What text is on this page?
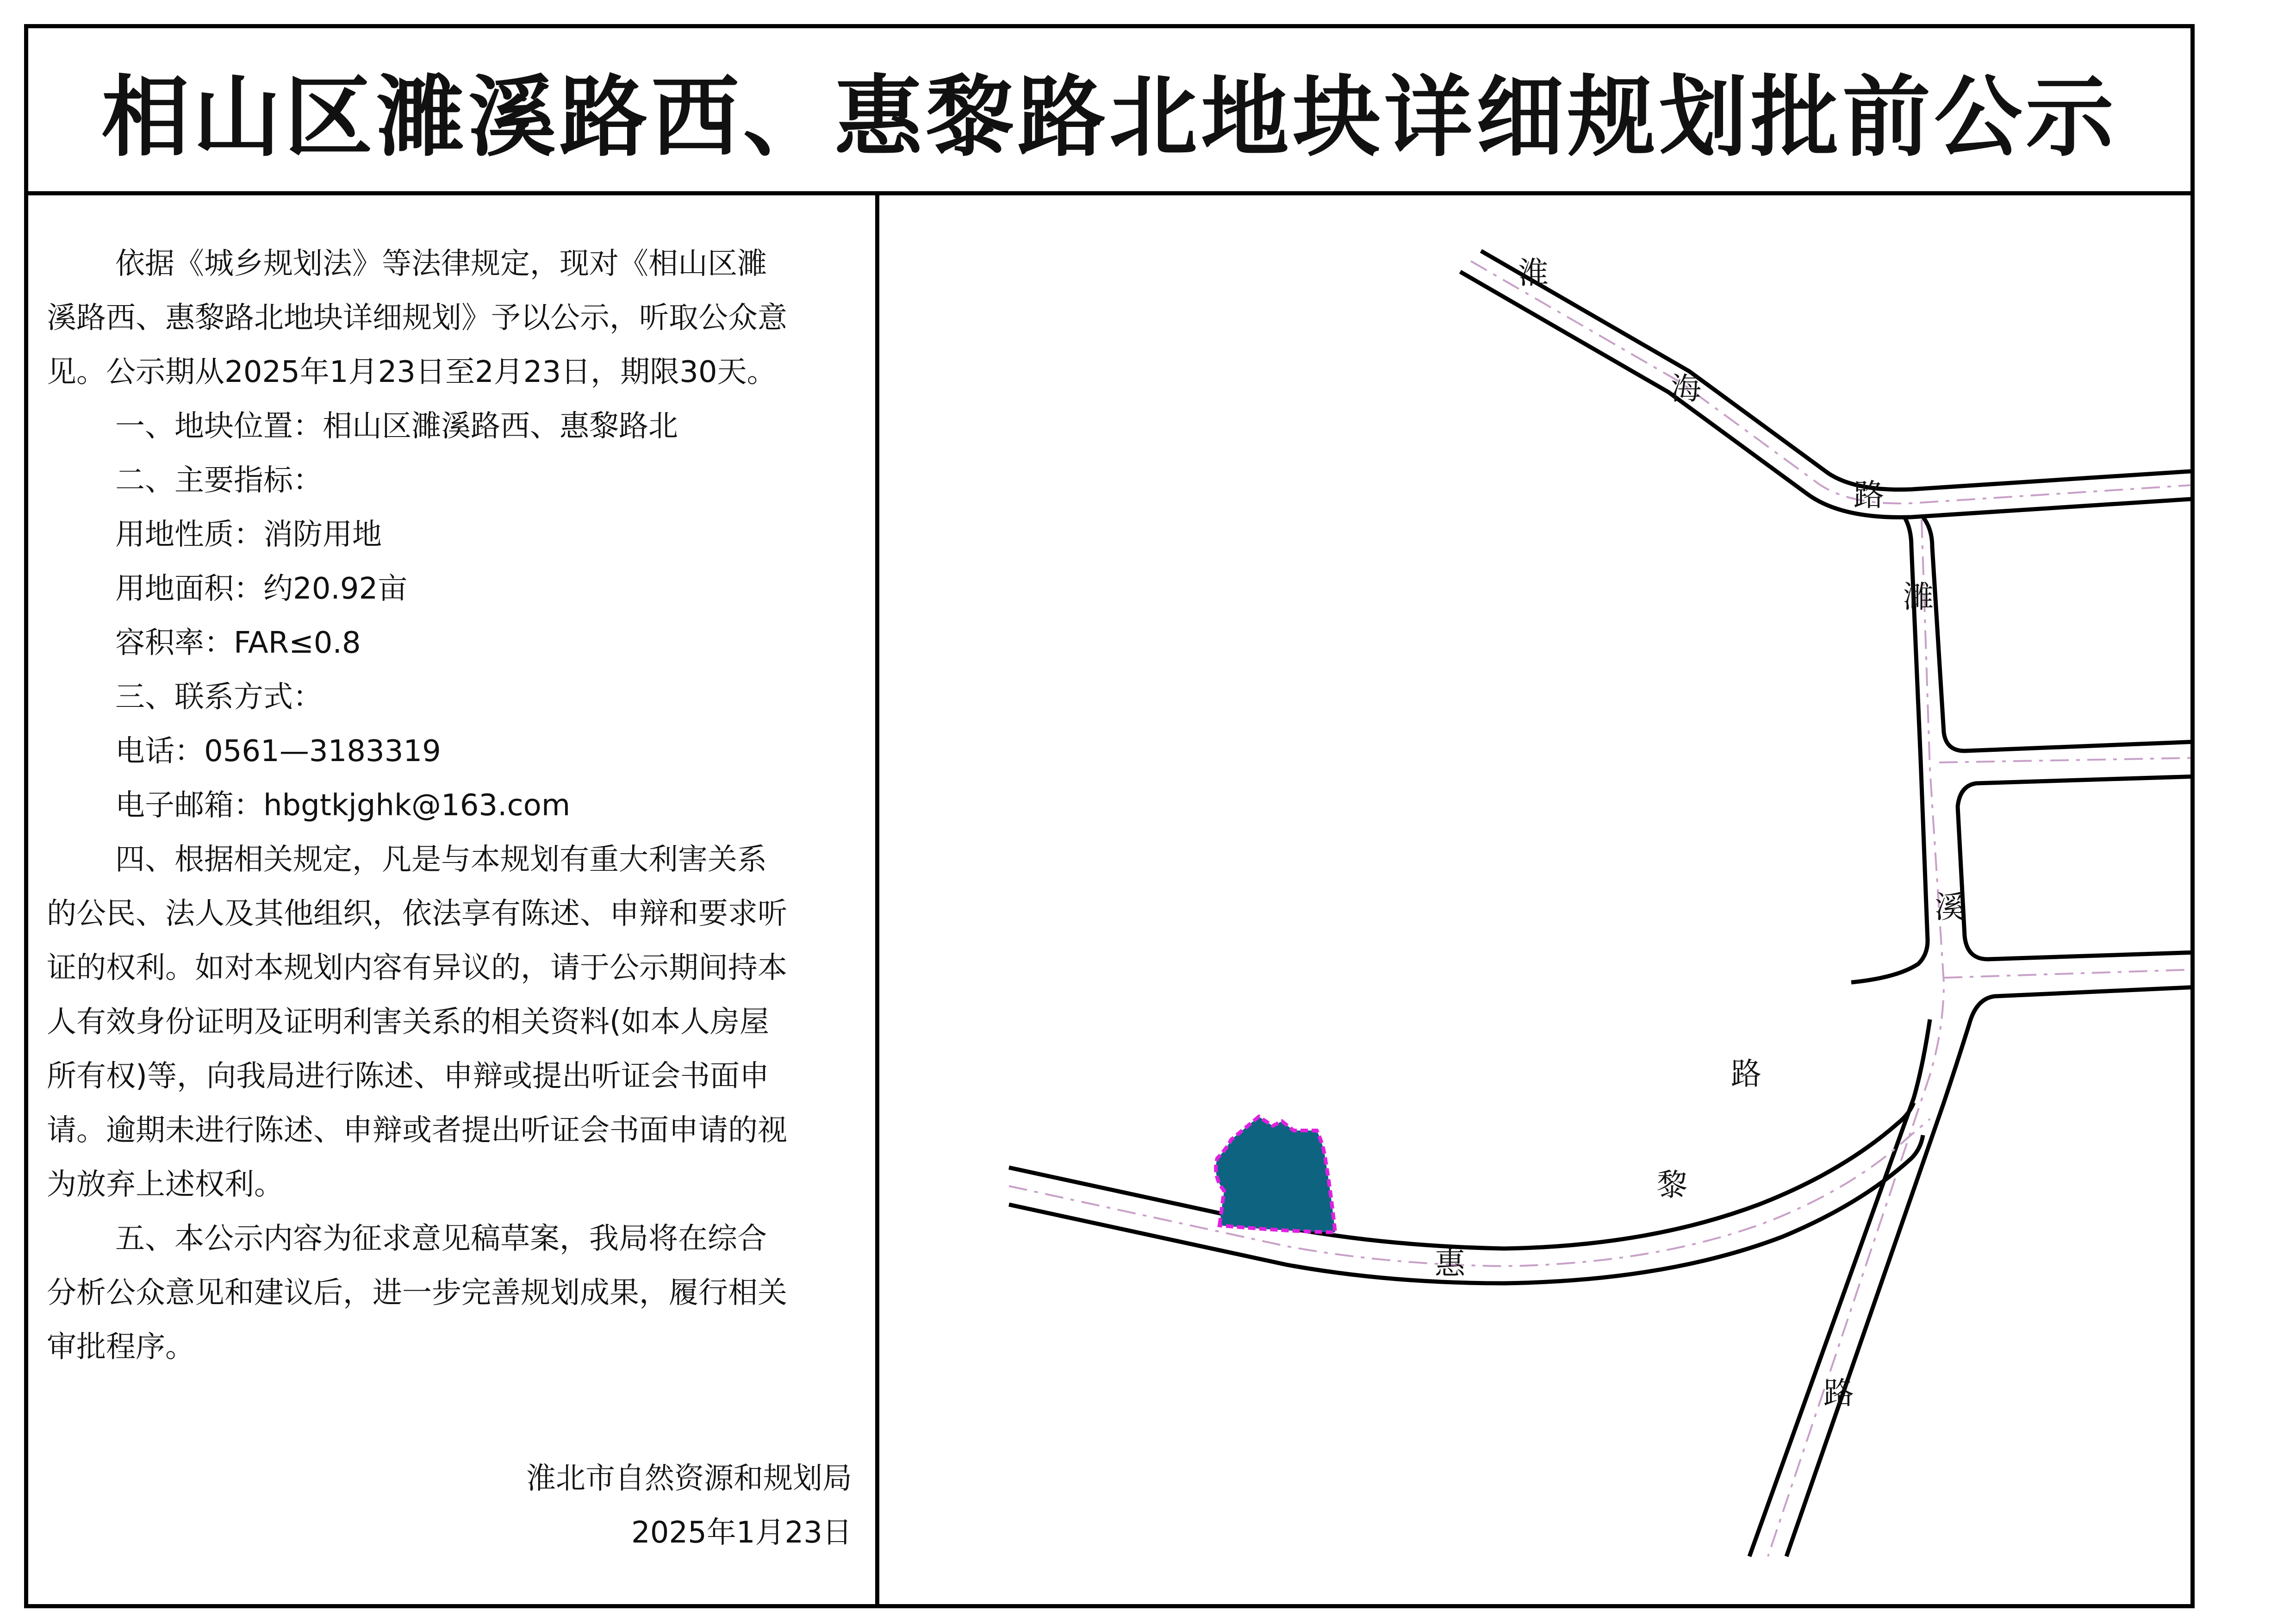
相山区濉溪路西、惠黎路北地块详细规划批前公示

依据《城乡规划法》等法律规定，现对《相山区濉

溪路西、惠黎路北地块详细规划》予以公示，听取公众意

见。公示期从2025年1月23日至2月23日，期限30天。

一、地块位置：相山区濉溪路西、惠黎路北

二、主要指标：

用地性质：消防用地

用地面积：约20.92亩

容积率：FAR≤0.8

三、联系方式：

电话：0561—3183319

电子邮箱：hbgtkjghk@163.com

四、根据相关规定，凡是与本规划有重大利害关系

的公民、法人及其他组织，依法享有陈述、申辩和要求听

证的权利。如对本规划内容有异议的，请于公示期间持本

人有效身份证明及证明利害关系的相关资料(如本人房屋

所有权)等，向我局进行陈述、申辩或提出听证会书面申

请。逾期未进行陈述、申辩或者提出听证会书面申请的视

为放弃上述权利。

五、本公示内容为征求意见稿草案，我局将在综合

分析公众意见和建议后，进一步完善规划成果，履行相关

审批程序。

淮北市自然资源和规划局

2025年1月23日

淮
海
路
濉
溪
路
惠
黎
路
